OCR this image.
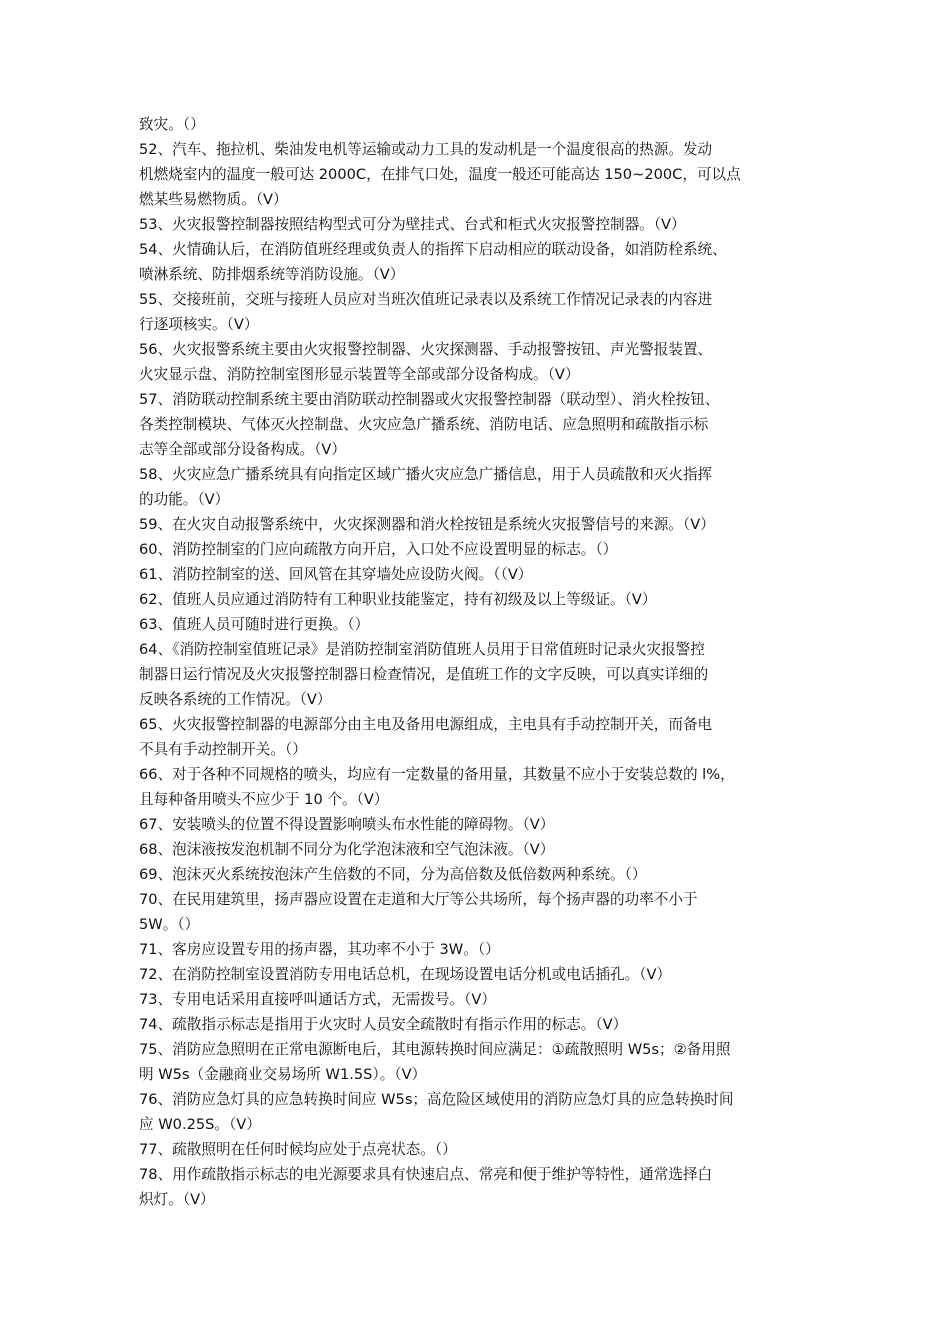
致灾。（）
52、汽车、拖拉机、柴油发电机等运输或动力工具的发动机是一个温度很高的热源。发动
机燃烧室内的温度一般可达 2000C，在排气口处，温度一般还可能高达 150~200C，可以点
燃某些易燃物质。（V）
53、火灾报警控制器按照结构型式可分为壁挂式、台式和柜式火灾报警控制器。（V）
54、火情确认后，在消防值班经理或负责人的指挥下启动相应的联动设备，如消防栓系统、
喷淋系统、防排烟系统等消防设施。（V）
55、交接班前，交班与接班人员应对当班次值班记录表以及系统工作情况记录表的内容进
行逐项核实。（V）
56、火灾报警系统主要由火灾报警控制器、火灾探测器、手动报警按钮、声光警报装置、
火灾显示盘、消防控制室图形显示装置等全部或部分设备构成。（V）
57、消防联动控制系统主要由消防联动控制器或火灾报警控制器（联动型）、消火栓按钮、
各类控制模块、气体灭火控制盘、火灾应急广播系统、消防电话、应急照明和疏散指示标
志等全部或部分设备构成。（V）
58、火灾应急广播系统具有向指定区域广播火灾应急广播信息，用于人员疏散和灭火指挥
的功能。（V）
59、在火灾自动报警系统中，火灾探测器和消火栓按钮是系统火灾报警信号的来源。（V）
60、消防控制室的门应向疏散方向开启，入口处不应设置明显的标志。（）
61、消防控制室的送、回风管在其穿墙处应设防火阀。（（V）
62、值班人员应通过消防特有工种职业技能鉴定，持有初级及以上等级证。（V）
63、值班人员可随时进行更换。（）
64、《消防控制室值班记录》是消防控制室消防值班人员用于日常值班时记录火灾报警控
制器日运行情况及火灾报警控制器日检查情况，是值班工作的文字反映，可以真实详细的
反映各系统的工作情况。（V）
65、火灾报警控制器的电源部分由主电及备用电源组成，主电具有手动控制开关，而备电
不具有手动控制开关。（）
66、对于各种不同规格的喷头，均应有一定数量的备用量，其数量不应小于安装总数的 l%，
且每种备用喷头不应少于 10 个。（V）
67、安装喷头的位置不得设置影响喷头布水性能的障碍物。（V）
68、泡沫液按发泡机制不同分为化学泡沫液和空气泡沫液。（V）
69、泡沫灭火系统按泡沫产生倍数的不同，分为高倍数及低倍数两种系统。（）
70、在民用建筑里，扬声器应设置在走道和大厅等公共场所，每个扬声器的功率不小于
5W。（）
71、客房应设置专用的扬声器，其功率不小于 3W。（）
72、在消防控制室设置消防专用电话总机，在现场设置电话分机或电话插孔。（V）
73、专用电话采用直接呼叫通话方式，无需拨号。（V）
74、疏散指示标志是指用于火灾时人员安全疏散时有指示作用的标志。（V）
75、消防应急照明在正常电源断电后，其电源转换时间应满足：①疏散照明 W5s；②备用照
明 W5s（金融商业交易场所 W1.5S）。（V）
76、消防应急灯具的应急转换时间应 W5s；高危险区域使用的消防应急灯具的应急转换时间
应 W0.25S。（V）
77、疏散照明在任何时候均应处于点亮状态。（）
78、用作疏散指示标志的电光源要求具有快速启点、常亮和便于维护等特性，通常选择白
炽灯。（V）
